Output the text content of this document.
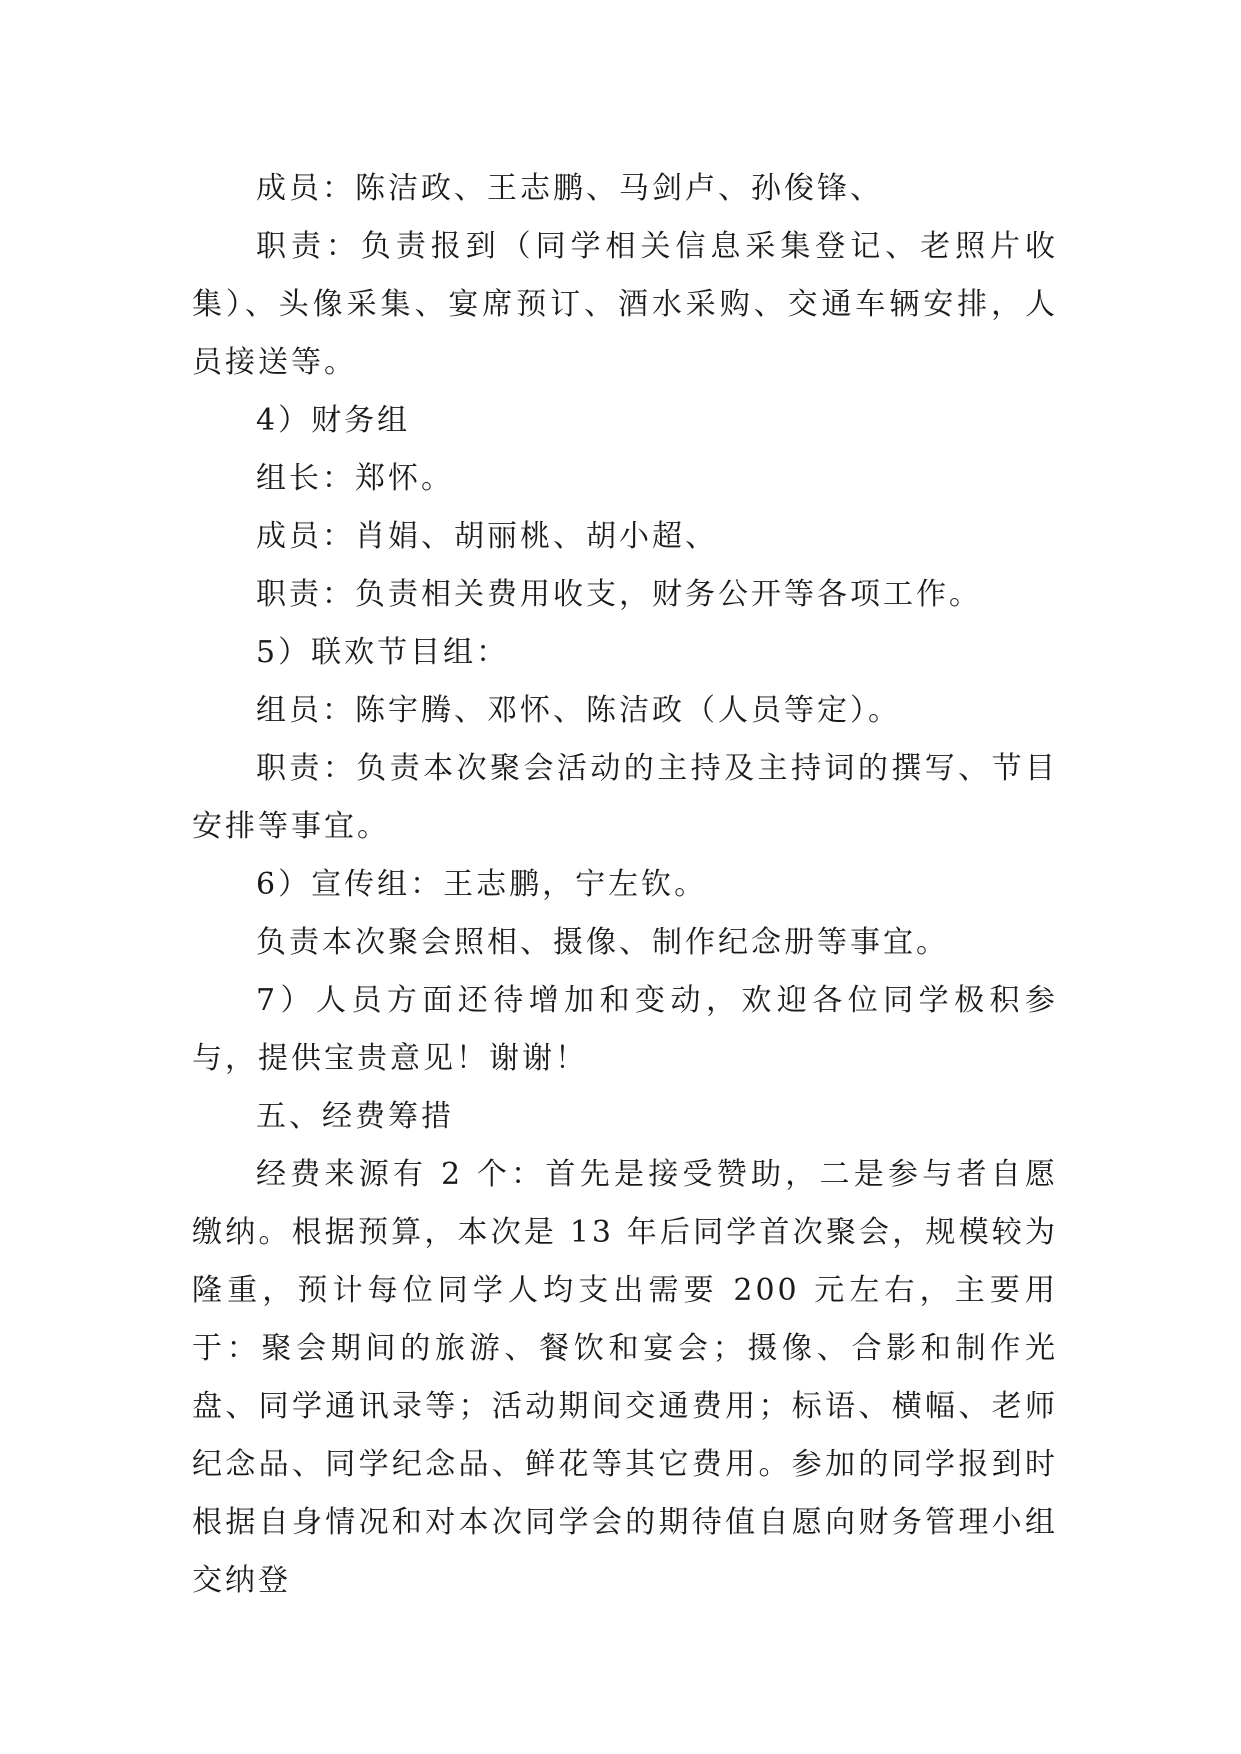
成员：陈洁政、王志鹏、马剑卢、孙俊锋、

职责：负责报到（同学相关信息采集登记、老照片收集）、头像采集、宴席预订、酒水采购、交通车辆安排，人员接送等。

4）财务组

组长：郑怀。

成员：肖娟、胡丽桃、胡小超、

职责：负责相关费用收支，财务公开等各项工作。

5）联欢节目组：

组员：陈宇腾、邓怀、陈洁政（人员等定）。

职责：负责本次聚会活动的主持及主持词的撰写、节目安排等事宜。

6）宣传组：王志鹏，宁左钦。

负责本次聚会照相、摄像、制作纪念册等事宜。

7）人员方面还待增加和变动，欢迎各位同学极积参与，提供宝贵意见！谢谢！

五、经费筹措

经费来源有 2 个：首先是接受赞助，二是参与者自愿缴纳。根据预算，本次是 13 年后同学首次聚会，规模较为隆重，预计每位同学人均支出需要 200 元左右，主要用于：聚会期间的旅游、餐饮和宴会；摄像、合影和制作光盘、同学通讯录等；活动期间交通费用；标语、横幅、老师纪念品、同学纪念品、鲜花等其它费用。参加的同学报到时根据自身情况和对本次同学会的期待值自愿向财务管理小组交纳登
